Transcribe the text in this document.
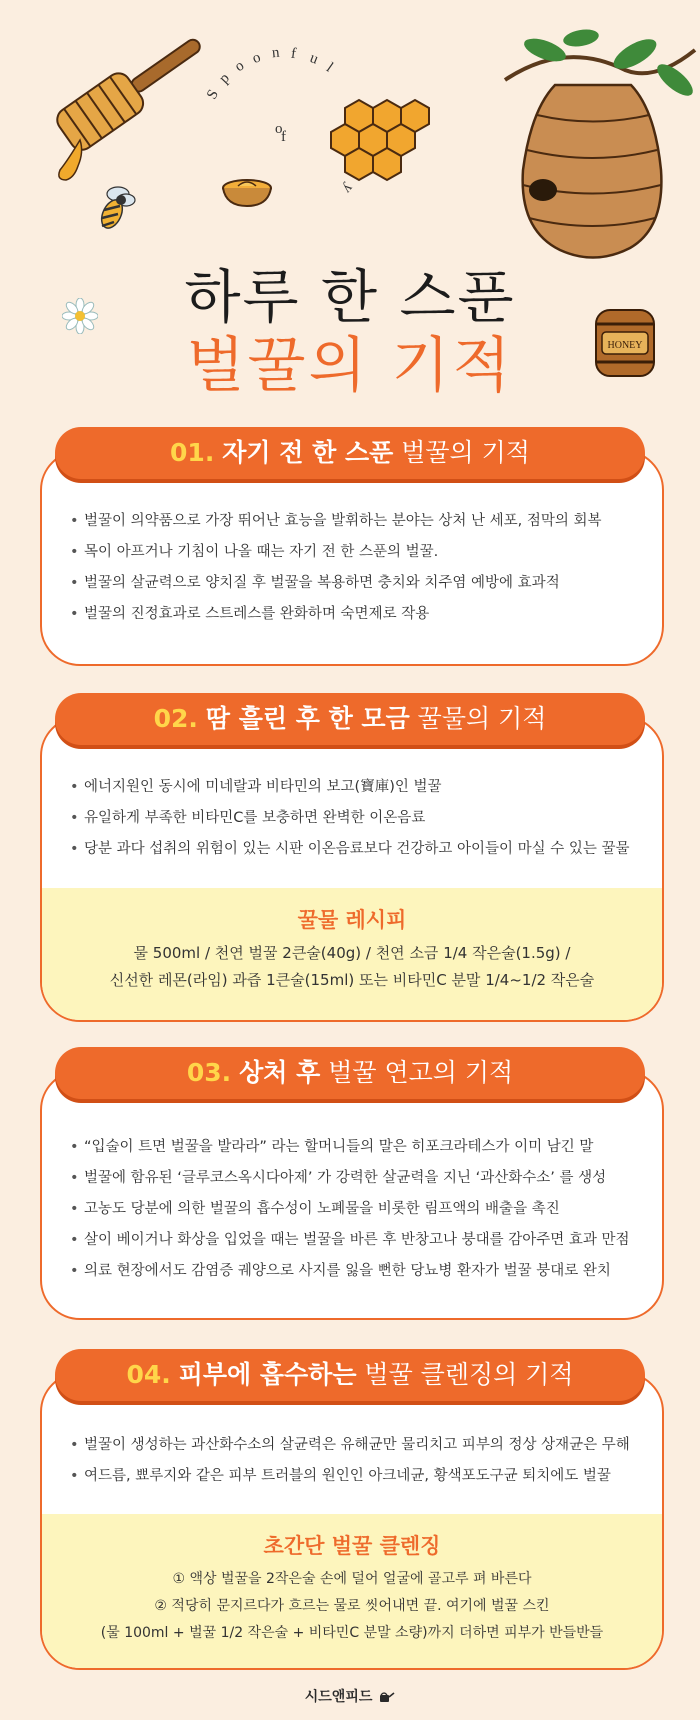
S
p
o o n f u
l
o
f
y
HONEY
하루 한 스푼
벌꿀의 기적
• 벌꿀이 의약품으로 가장 뛰어난 효능을 발휘하는 분야는 상처 난 세포, 점막의 회복
• 목이 아프거나 기침이 나올 때는 자기 전 한 스푼의 벌꿀.
• 벌꿀의 살균력으로 양치질 후 벌꿀을 복용하면 충치와 치주염 예방에 효과적
• 벌꿀의 진정효과로 스트레스를 완화하며 숙면제로 작용
01. 자기 전 한 스푼 벌꿀의 기적
• 에너지원인 동시에 미네랄과 비타민의 보고(寶庫)인 벌꿀
• 유일하게 부족한 비타민C를 보충하면 완벽한 이온음료
• 당분 과다 섭취의 위험이 있는 시판 이온음료보다 건강하고 아이들이 마실 수 있는 꿀물
꿀물 레시피
물 500ml / 천연 벌꿀 2큰술(40g) / 천연 소금 1/4 작은술(1.5g) /
신선한 레몬(라임) 과즙 1큰술(15ml) 또는 비타민C 분말 1/4~1/2 작은술
02. 땀 흘린 후 한 모금 꿀물의 기적
• “입술이 트면 벌꿀을 발라라” 라는 할머니들의 말은 히포크라테스가 이미 남긴 말
• 벌꿀에 함유된 ‘글루코스옥시다아제’ 가 강력한 살균력을 지닌 ‘과산화수소’ 를 생성
• 고농도 당분에 의한 벌꿀의 흡수성이 노폐물을 비롯한 림프액의 배출을 촉진
• 살이 베이거나 화상을 입었을 때는 벌꿀을 바른 후 반창고나 붕대를 감아주면 효과 만점
• 의료 현장에서도 감염증 궤양으로 사지를 잃을 뻔한 당뇨병 환자가 벌꿀 붕대로 완치
03. 상처 후 벌꿀 연고의 기적
• 벌꿀이 생성하는 과산화수소의 살균력은 유해균만 물리치고 피부의 정상 상재균은 무해
• 여드름, 뾰루지와 같은 피부 트러블의 원인인 아크네균, 황색포도구균 퇴치에도 벌꿀
초간단 벌꿀 클렌징
① 액상 벌꿀을 2작은술 손에 덜어 얼굴에 골고루 펴 바른다
② 적당히 문지르다가 흐르는 물로 씻어내면 끝. 여기에 벌꿀 스킨
(물 100ml + 벌꿀 1/2 작은술 + 비타민C 분말 소량)까지 더하면 피부가 반들반들
04. 피부에 흡수하는 벌꿀 클렌징의 기적
시드앤피드
